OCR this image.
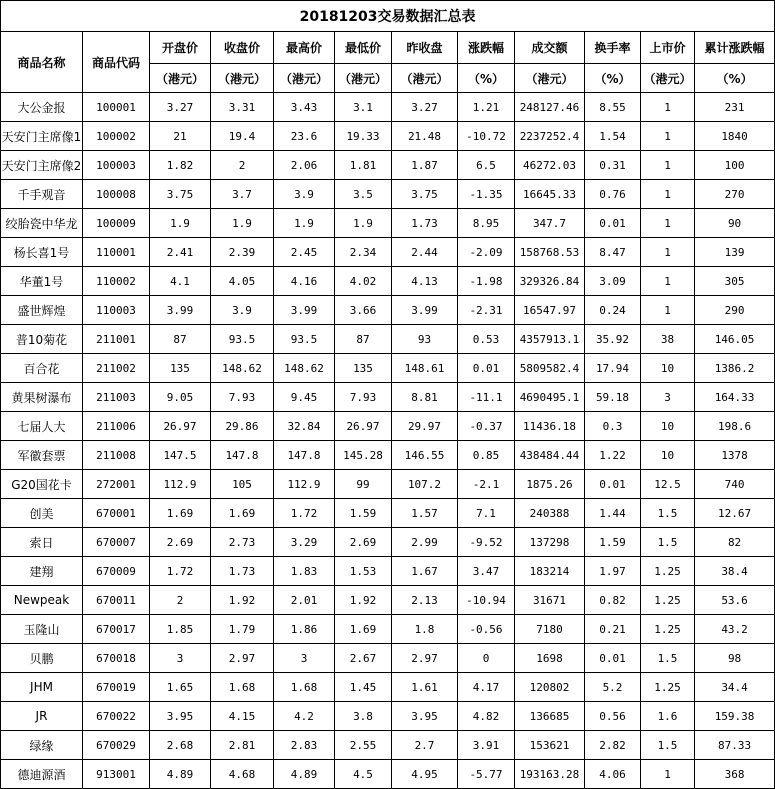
20181203交易数据汇总表											
商品名称	商品代码	开盘价	收盘价	最高价	最低价	昨收盘	涨跌幅	成交额	换手率	上市价	累计涨跌幅
		（港元）	（港元）	（港元）	（港元）	（港元）	（%）	（港元）	（%）	（港元）	（%）
大公金报	100001	3.27	3.31	3.43	3.1	3.27	1.21	248127.46	8.55	1	231
天安门主席像1	100002	21	19.4	23.6	19.33	21.48	-10.72	2237252.4	1.54	1	1840
天安门主席像2	100003	1.82	2	2.06	1.81	1.87	6.5	46272.03	0.31	1	100
千手观音	100008	3.75	3.7	3.9	3.5	3.75	-1.35	16645.33	0.76	1	270
绞胎瓷中华龙	100009	1.9	1.9	1.9	1.9	1.73	8.95	347.7	0.01	1	90
杨长喜1号	110001	2.41	2.39	2.45	2.34	2.44	-2.09	158768.53	8.47	1	139
华董1号	110002	4.1	4.05	4.16	4.02	4.13	-1.98	329326.84	3.09	1	305
盛世辉煌	110003	3.99	3.9	3.99	3.66	3.99	-2.31	16547.97	0.24	1	290
普10菊花	211001	87	93.5	93.5	87	93	0.53	4357913.1	35.92	38	146.05
百合花	211002	135	148.62	148.62	135	148.61	0.01	5809582.4	17.94	10	1386.2
黄果树瀑布	211003	9.05	7.93	9.45	7.93	8.81	-11.1	4690495.1	59.18	3	164.33
七届人大	211006	26.97	29.86	32.84	26.97	29.97	-0.37	11436.18	0.3	10	198.6
军徽套票	211008	147.5	147.8	147.8	145.28	146.55	0.85	438484.44	1.22	10	1378
G20国花卡	272001	112.9	105	112.9	99	107.2	-2.1	1875.26	0.01	12.5	740
创美	670001	1.69	1.69	1.72	1.59	1.57	7.1	240388	1.44	1.5	12.67
索日	670007	2.69	2.73	3.29	2.69	2.99	-9.52	137298	1.59	1.5	82
建翔	670009	1.72	1.73	1.83	1.53	1.67	3.47	183214	1.97	1.25	38.4
Newpeak	670011	2	1.92	2.01	1.92	2.13	-10.94	31671	0.82	1.25	53.6
玉隆山	670017	1.85	1.79	1.86	1.69	1.8	-0.56	7180	0.21	1.25	43.2
贝鹏	670018	3	2.97	3	2.67	2.97	0	1698	0.01	1.5	98
JHM	670019	1.65	1.68	1.68	1.45	1.61	4.17	120802	5.2	1.25	34.4
JR	670022	3.95	4.15	4.2	3.8	3.95	4.82	136685	0.56	1.6	159.38
绿缘	670029	2.68	2.81	2.83	2.55	2.7	3.91	153621	2.82	1.5	87.33
德迪源酒	913001	4.89	4.68	4.89	4.5	4.95	-5.77	193163.28	4.06	1	368
